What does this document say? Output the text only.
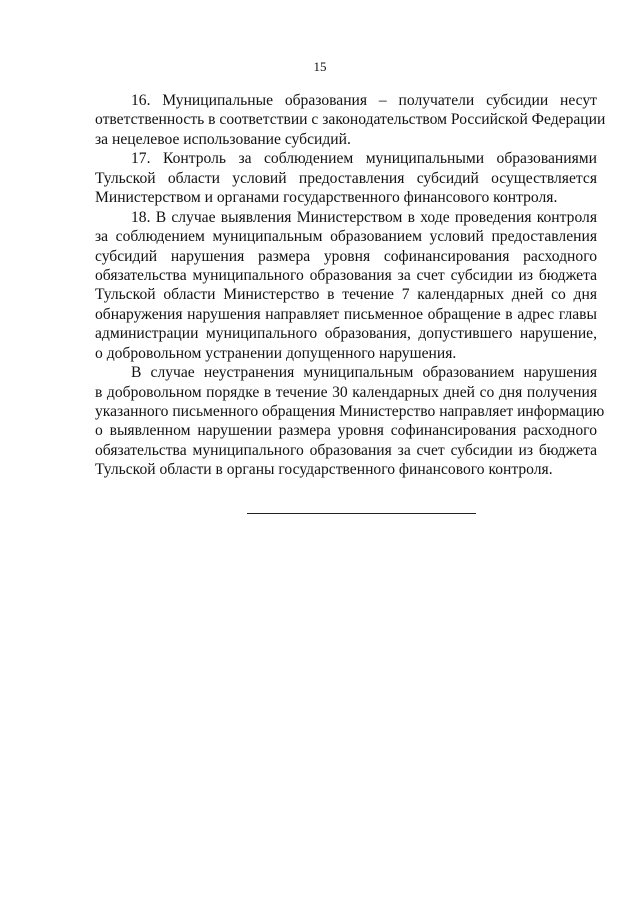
15
16. Муниципальные образования – получатели субсидии несут
ответственность в соответствии с законодательством Российской Федерации
за нецелевое использование субсидий.
17. Контроль за соблюдением муниципальными образованиями
Тульской области условий предоставления субсидий осуществляется
Министерством и органами государственного финансового контроля.
18. В случае выявления Министерством в ходе проведения контроля
за соблюдением муниципальным образованием условий предоставления
субсидий нарушения размера уровня софинансирования расходного
обязательства муниципального образования за счет субсидии из бюджета
Тульской области Министерство в течение 7 календарных дней со дня
обнаружения нарушения направляет письменное обращение в адрес главы
администрации муниципального образования, допустившего нарушение,
о добровольном устранении допущенного нарушения.
В случае неустранения муниципальным образованием нарушения
в добровольном порядке в течение 30 календарных дней со дня получения
указанного письменного обращения Министерство направляет информацию
о выявленном нарушении размера уровня софинансирования расходного
обязательства муниципального образования за счет субсидии из бюджета
Тульской области в органы государственного финансового контроля.
